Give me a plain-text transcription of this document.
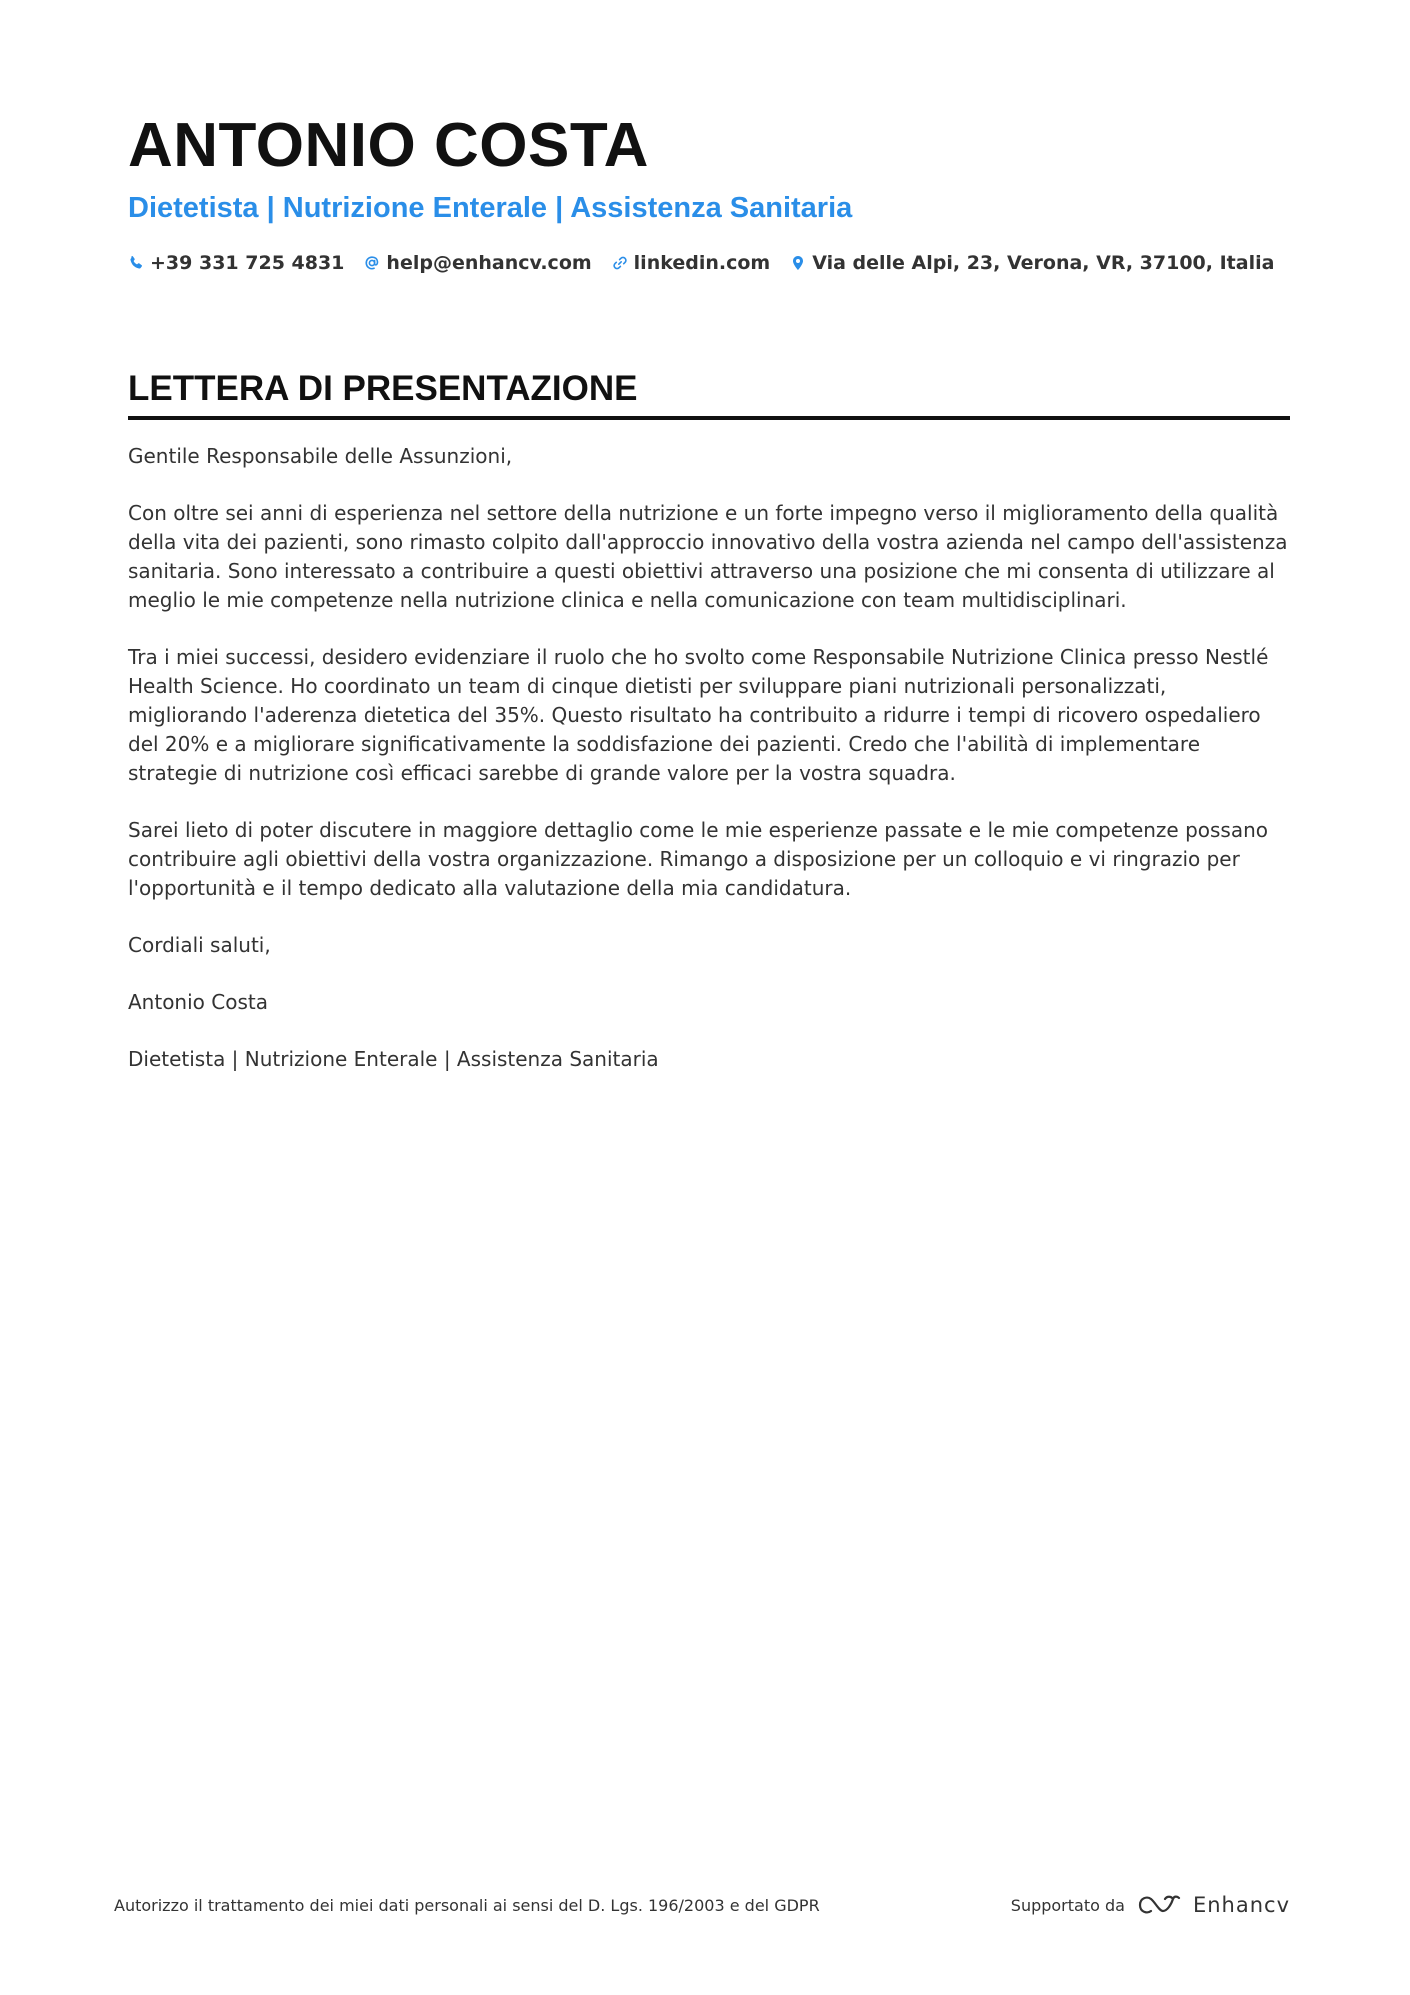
ANTONIO COSTA
Dietetista | Nutrizione Enterale | Assistenza Sanitaria
+39 331 725 4831 help@enhancv.com linkedin.com Via delle Alpi, 23, Verona, VR, 37100, Italia
LETTERA DI PRESENTAZIONE

Gentile Responsabile delle Assunzioni,

Con oltre sei anni di esperienza nel settore della nutrizione e un forte impegno verso il miglioramento della qualità della vita dei pazienti, sono rimasto colpito dall'approccio innovativo della vostra azienda nel campo dell'assistenza sanitaria. Sono interessato a contribuire a questi obiettivi attraverso una posizione che mi consenta di utilizzare al meglio le mie competenze nella nutrizione clinica e nella comunicazione con team multidisciplinari.

Tra i miei successi, desidero evidenziare il ruolo che ho svolto come Responsabile Nutrizione Clinica presso Nestlé Health Science. Ho coordinato un team di cinque dietisti per sviluppare piani nutrizionali personalizzati, migliorando l'aderenza dietetica del 35%. Questo risultato ha contribuito a ridurre i tempi di ricovero ospedaliero del 20% e a migliorare significativamente la soddisfazione dei pazienti. Credo che l'abilità di implementare strategie di nutrizione così efficaci sarebbe di grande valore per la vostra squadra.

Sarei lieto di poter discutere in maggiore dettaglio come le mie esperienze passate e le mie competenze possano contribuire agli obiettivi della vostra organizzazione. Rimango a disposizione per un colloquio e vi ringrazio per l'opportunità e il tempo dedicato alla valutazione della mia candidatura.

Cordiali saluti,

Antonio Costa

Dietetista | Nutrizione Enterale | Assistenza Sanitaria

Autorizzo il trattamento dei miei dati personali ai sensi del D. Lgs. 196/2003 e del GDPR	Supportato da	Enhancv
